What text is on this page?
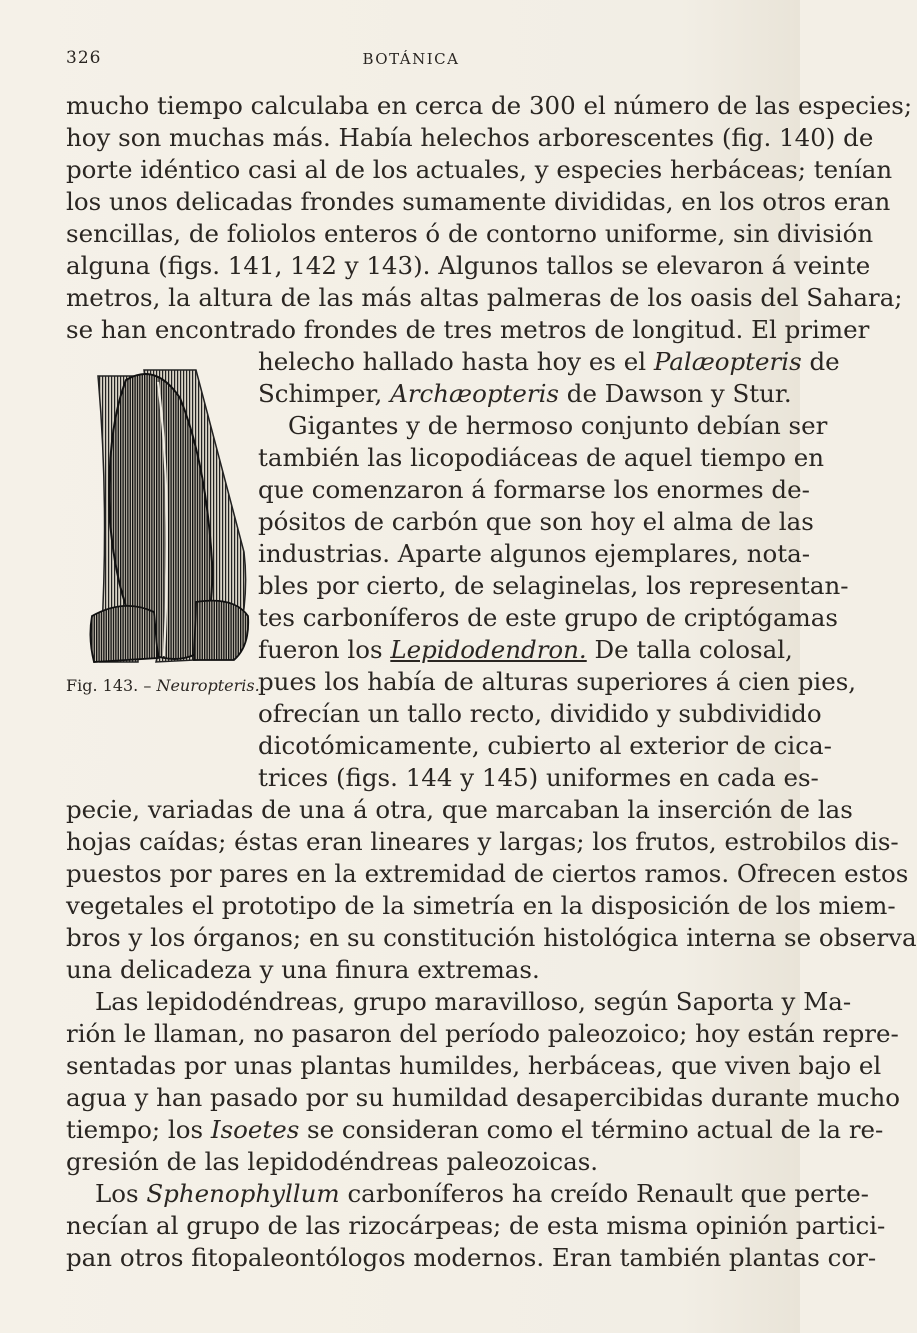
326	BOTÁNICA
mucho tiempo calculaba en cerca de 300 el número de las especies;
hoy son muchas más. Había helechos arborescentes (fig. 140) de
porte idéntico casi al de los actuales, y especies herbáceas; tenían
los unos delicadas frondes sumamente divididas, en los otros eran
sencillas, de foliolos enteros ó de contorno uniforme, sin división
alguna (figs. 141, 142 y 143). Algunos tallos se elevaron á veinte
metros, la altura de las más altas palmeras de los oasis del Sahara;
se han encontrado frondes de tres metros de longitud. El primer
Fig. 143. – Neuropteris.
helecho hallado hasta hoy es el Palæopteris de
Schimper, Archæopteris de Dawson y Stur.
Gigantes y de hermoso conjunto debían ser
también las licopodiáceas de aquel tiempo en
que comenzaron á formarse los enormes de-
pósitos de carbón que son hoy el alma de las
industrias. Aparte algunos ejemplares, nota-
bles por cierto, de selaginelas, los representan-
tes carboníferos de este grupo de criptógamas
fueron los Lepidodendron. De talla colosal,
pues los había de alturas superiores á cien pies,
ofrecían un tallo recto, dividido y subdividido
dicotómicamente, cubierto al exterior de cica-
trices (figs. 144 y 145) uniformes en cada es-
pecie, variadas de una á otra, que marcaban la inserción de las
hojas caídas; éstas eran lineares y largas; los frutos, estrobilos dis-
puestos por pares en la extremidad de ciertos ramos. Ofrecen estos
vegetales el prototipo de la simetría en la disposición de los miem-
bros y los órganos; en su constitución histológica interna se observa
una delicadeza y una finura extremas.
Las lepidodéndreas, grupo maravilloso, según Saporta y Ma-
rión le llaman, no pasaron del período paleozoico; hoy están repre-
sentadas por unas plantas humildes, herbáceas, que viven bajo el
agua y han pasado por su humildad desapercibidas durante mucho
tiempo; los Isoetes se consideran como el término actual de la re-
gresión de las lepidodéndreas paleozoicas.
Los Sphenophyllum carboníferos ha creído Renault que perte-
necían al grupo de las rizocárpeas; de esta misma opinión partici-
pan otros fitopaleontólogos modernos. Eran también plantas cor-
